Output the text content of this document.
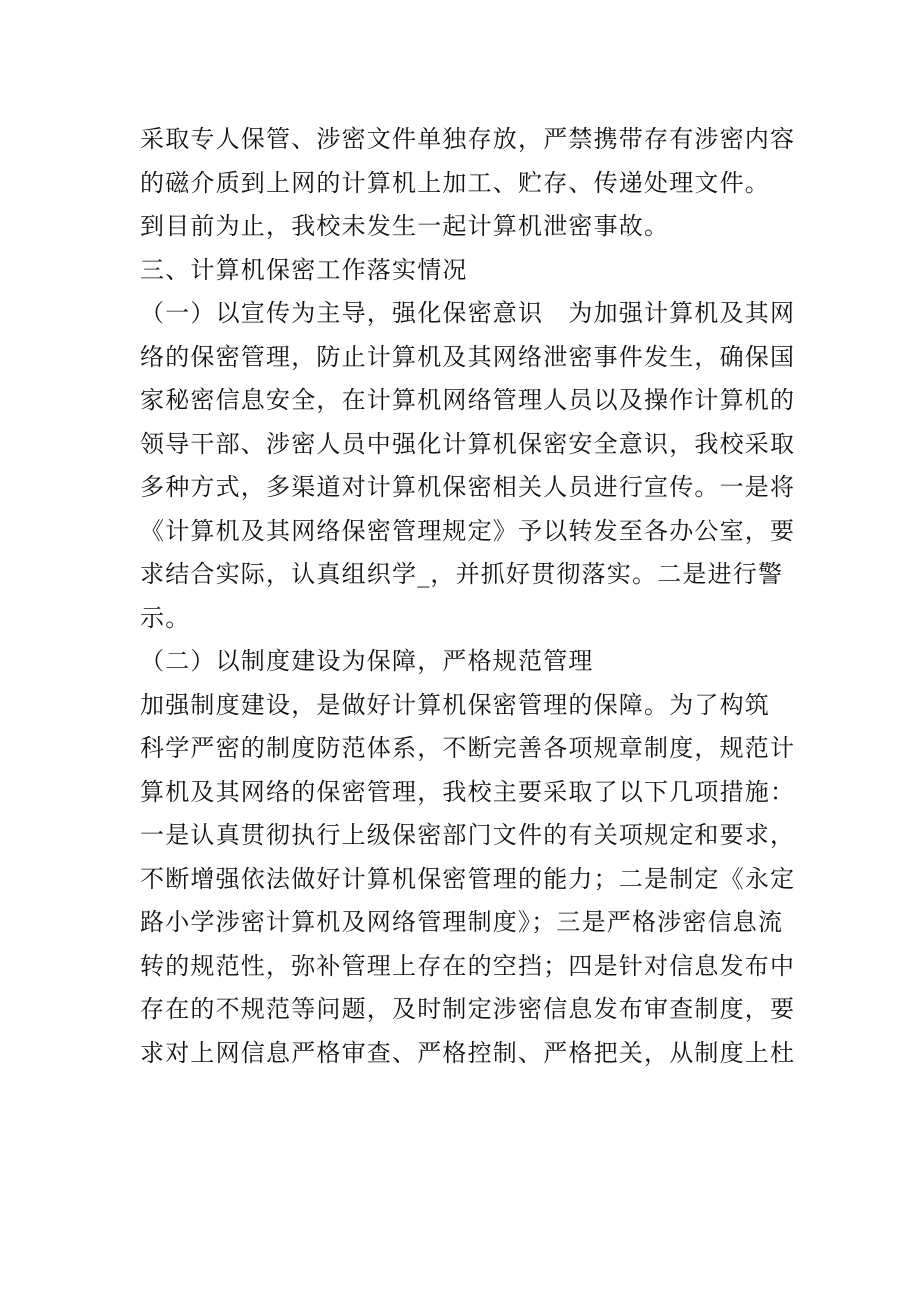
采取专人保管、涉密文件单独存放，严禁携带存有涉密内容
的磁介质到上网的计算机上加工、贮存、传递处理文件。
到目前为止，我校未发生一起计算机泄密事故。
三、计算机保密工作落实情况
（一）以宣传为主导，强化保密意识　为加强计算机及其网
络的保密管理，防止计算机及其网络泄密事件发生，确保国
家秘密信息安全，在计算机网络管理人员以及操作计算机的
领导干部、涉密人员中强化计算机保密安全意识，我校采取
多种方式，多渠道对计算机保密相关人员进行宣传。一是将
《计算机及其网络保密管理规定》予以转发至各办公室，要
求结合实际，认真组织学_，并抓好贯彻落实。二是进行警
示。
（二）以制度建设为保障，严格规范管理
加强制度建设，是做好计算机保密管理的保障。为了构筑
科学严密的制度防范体系，不断完善各项规章制度，规范计
算机及其网络的保密管理，我校主要采取了以下几项措施：
一是认真贯彻执行上级保密部门文件的有关项规定和要求，
不断增强依法做好计算机保密管理的能力；二是制定《永定
路小学涉密计算机及网络管理制度》；三是严格涉密信息流
转的规范性，弥补管理上存在的空挡；四是针对信息发布中
存在的不规范等问题，及时制定涉密信息发布审查制度，要
求对上网信息严格审查、严格控制、严格把关，从制度上杜
